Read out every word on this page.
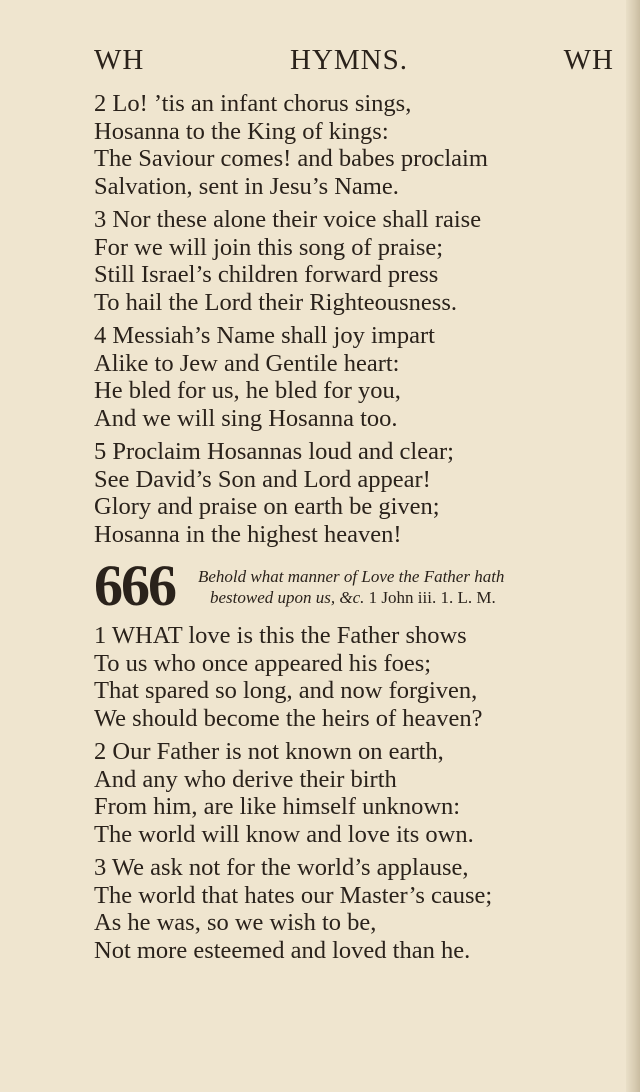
WH	HYMNS.	WH
2 Lo! ’tis an infant chorus sings,
Hosanna to the King of kings:
The Saviour comes! and babes proclaim
Salvation, sent in Jesu’s Name.
3 Nor these alone their voice shall raise
For we will join this song of praise;
Still Israel’s children forward press
To hail the Lord their Righteousness.
4 Messiah’s Name shall joy impart
Alike to Jew and Gentile heart:
He bled for us, he bled for you,
And we will sing Hosanna too.
5 Proclaim Hosannas loud and clear;
See David’s Son and Lord appear!
Glory and praise on earth be given;
Hosanna in the highest heaven!
666 Behold what manner of Love the Father hath
bestowed upon us, &c. 1 John iii. 1. L. M.
1 WHAT love is this the Father shows
To us who once appeared his foes;
That spared so long, and now forgiven,
We should become the heirs of heaven?
2 Our Father is not known on earth,
And any who derive their birth
From him, are like himself unknown:
The world will know and love its own.
3 We ask not for the world’s applause,
The world that hates our Master’s cause;
As he was, so we wish to be,
Not more esteemed and loved than he.
